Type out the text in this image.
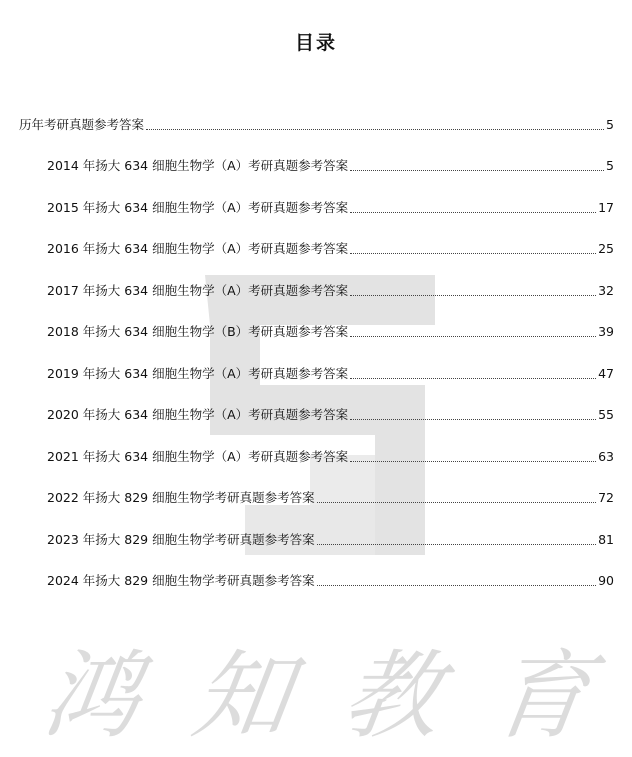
鸿 知 教 育
目录
历年考研真题参考答案	5
2014 年扬大 634 细胞生物学（A）考研真题参考答案	5
2015 年扬大 634 细胞生物学（A）考研真题参考答案	17
2016 年扬大 634 细胞生物学（A）考研真题参考答案	25
2017 年扬大 634 细胞生物学（A）考研真题参考答案	32
2018 年扬大 634 细胞生物学（B）考研真题参考答案	39
2019 年扬大 634 细胞生物学（A）考研真题参考答案	47
2020 年扬大 634 细胞生物学（A）考研真题参考答案	55
2021 年扬大 634 细胞生物学（A）考研真题参考答案	63
2022 年扬大 829 细胞生物学考研真题参考答案	72
2023 年扬大 829 细胞生物学考研真题参考答案	81
2024 年扬大 829 细胞生物学考研真题参考答案	90
